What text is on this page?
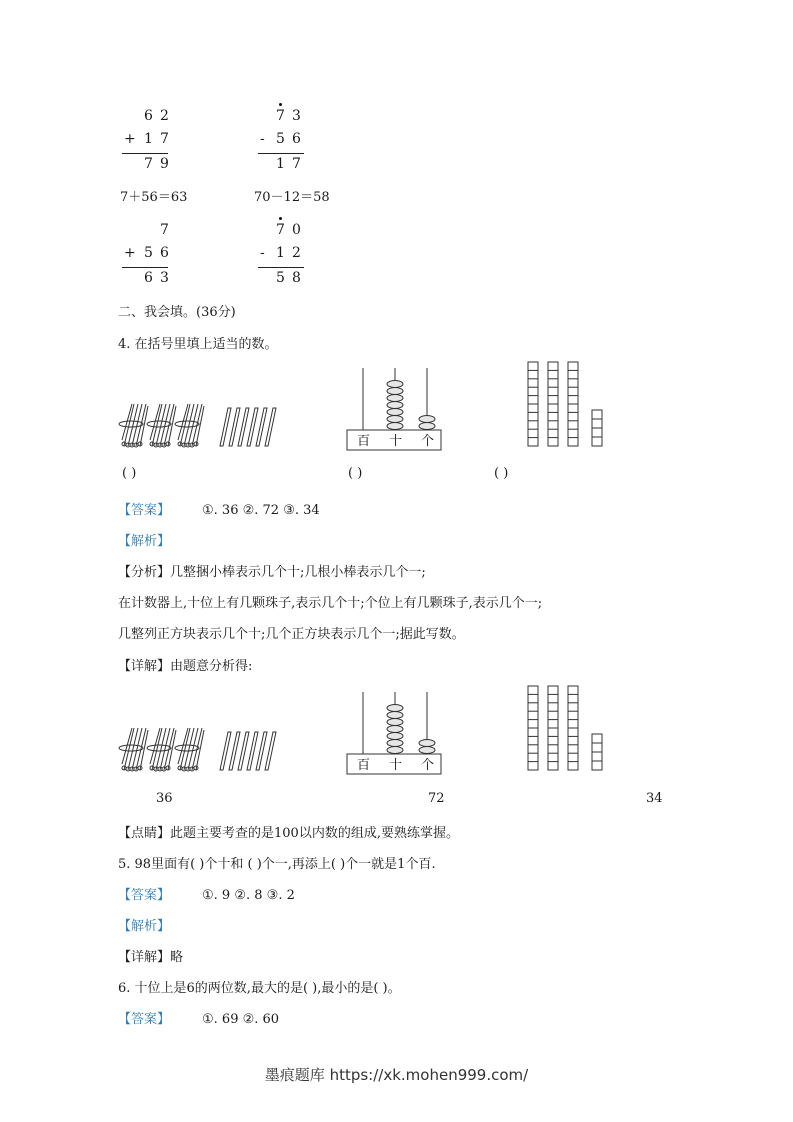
6 2
+ 1 7
7 9
7 3
- 5 6
1 7
7＋56＝63	70－12＝58
7
+ 5 6
6 3
7 0
- 1 2
5 8
二、我会填。(36分)
4. 在括号里填上适当的数。
百 十 个
( )	( )	( )
【答案】 ①. 36 ②. 72 ③. 34
【解析】
【分析】几整捆小棒表示几个十;几根小棒表示几个一;
在计数器上,十位上有几颗珠子,表示几个十;个位上有几颗珠子,表示几个一;
几整列正方块表示几个十;几个正方块表示几个一;据此写数。
【详解】由题意分析得:
百 十 个
36	72	34
【点睛】此题主要考查的是100以内数的组成,要熟练掌握。
5. 98里面有( )个十和 ( )个一,再添上( )个一就是1个百.
【答案】 ①. 9 ②. 8 ③. 2
【解析】
【详解】略
6. 十位上是6的两位数,最大的是( ),最小的是( )。
【答案】 ①. 69 ②. 60
墨痕题库 https://xk.mohen999.com/
